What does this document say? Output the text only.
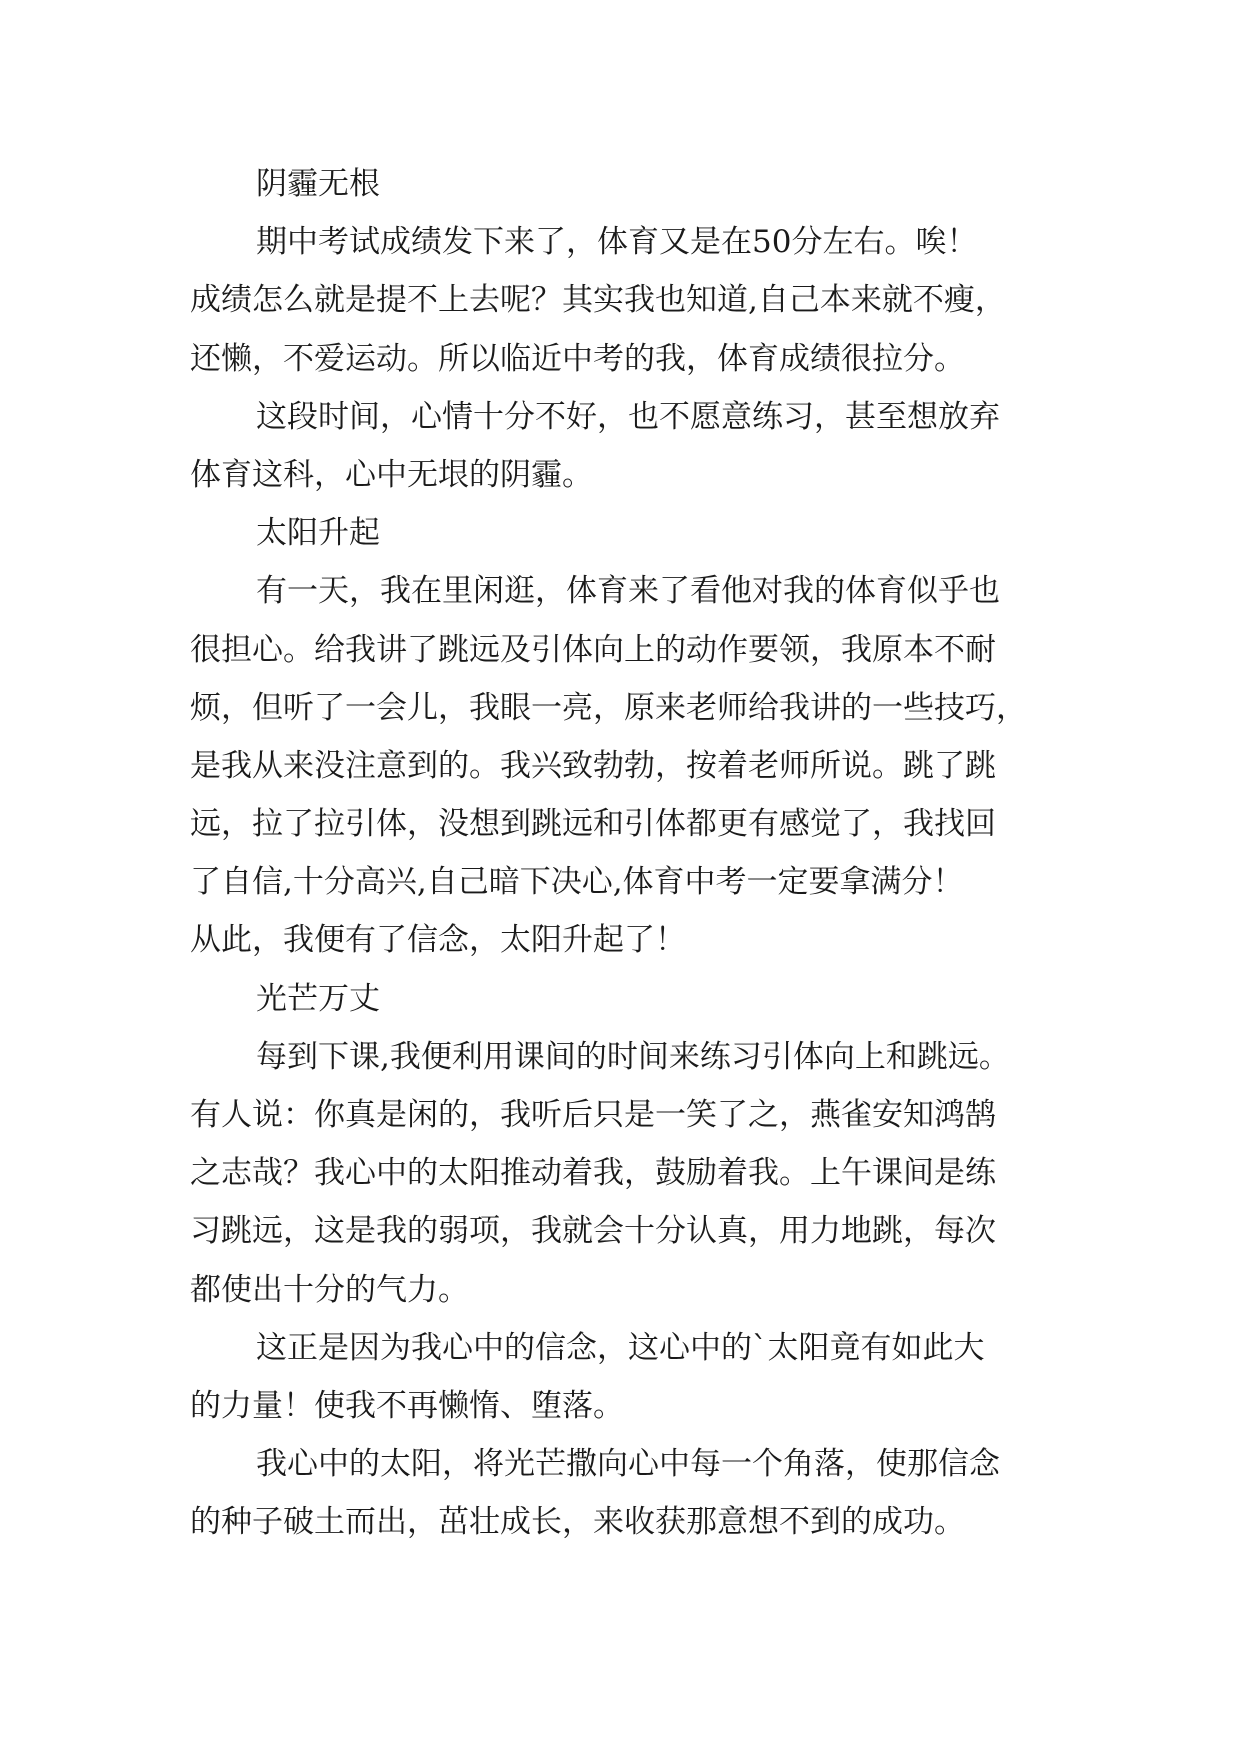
阴霾无根
期中考试成绩发下来了，体育又是在50分左右。唉！
成绩怎么就是提不上去呢？其实我也知道,自己本来就不瘦，
还懒，不爱运动。所以临近中考的我，体育成绩很拉分。
这段时间，心情十分不好，也不愿意练习，甚至想放弃
体育这科，心中无垠的阴霾。
太阳升起
有一天，我在里闲逛，体育来了看他对我的体育似乎也
很担心。给我讲了跳远及引体向上的动作要领，我原本不耐
烦，但听了一会儿，我眼一亮，原来老师给我讲的一些技巧，
是我从来没注意到的。我兴致勃勃，按着老师所说。跳了跳
远，拉了拉引体，没想到跳远和引体都更有感觉了，我找回
了自信,十分高兴,自己暗下决心,体育中考一定要拿满分！
从此，我便有了信念，太阳升起了！
光芒万丈
每到下课,我便利用课间的时间来练习引体向上和跳远。
有人说：你真是闲的，我听后只是一笑了之，燕雀安知鸿鹄
之志哉？我心中的太阳推动着我，鼓励着我。上午课间是练
习跳远，这是我的弱项，我就会十分认真，用力地跳，每次
都使出十分的气力。
这正是因为我心中的信念，这心中的`太阳竟有如此大
的力量！使我不再懒惰、堕落。
我心中的太阳，将光芒撒向心中每一个角落，使那信念
的种子破土而出，茁壮成长，来收获那意想不到的成功。
